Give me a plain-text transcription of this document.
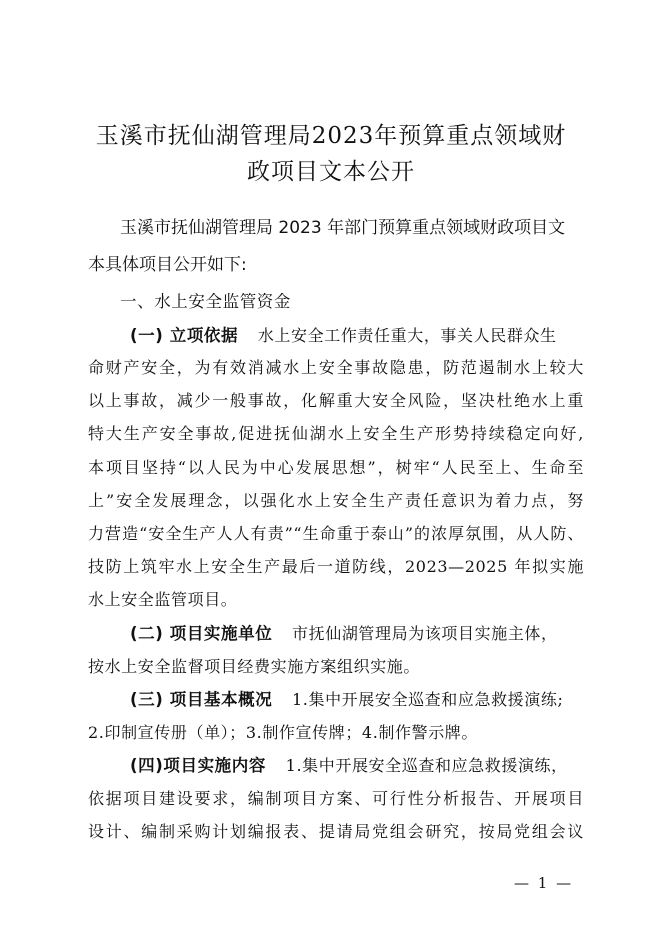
玉溪市抚仙湖管理局2023年预算重点领域财
政项目文本公开
玉溪市抚仙湖管理局 2023 年部门预算重点领域财政项目文
本具体项目公开如下:
一、水上安全监管资金
(一) 立项依据 水上安全工作责任重大，事关人民群众生
命财产安全，为有效消减水上安全事故隐患，防范遏制水上较大
以上事故，减少一般事故，化解重大安全风险，坚决杜绝水上重
特大生产安全事故,促进抚仙湖水上安全生产形势持续稳定向好,
本项目坚持“以人民为中心发展思想”，树牢“人民至上、生命至
上”安全发展理念，以强化水上安全生产责任意识为着力点，努
力营造“安全生产人人有责”“生命重于泰山”的浓厚氛围，从人防、
技防上筑牢水上安全生产最后一道防线，2023—2025 年拟实施
水上安全监管项目。
(二) 项目实施单位 市抚仙湖管理局为该项目实施主体，
按水上安全监督项目经费实施方案组织实施。
(三) 项目基本概况 1.集中开展安全巡查和应急救援演练;
2.印制宣传册（单）；3.制作宣传牌；4.制作警示牌。
(四)项目实施内容 1.集中开展安全巡查和应急救援演练，
依据项目建设要求，编制项目方案、可行性分析报告、开展项目
设计、编制采购计划编报表、提请局党组会研究，按局党组会议
— 1 —
